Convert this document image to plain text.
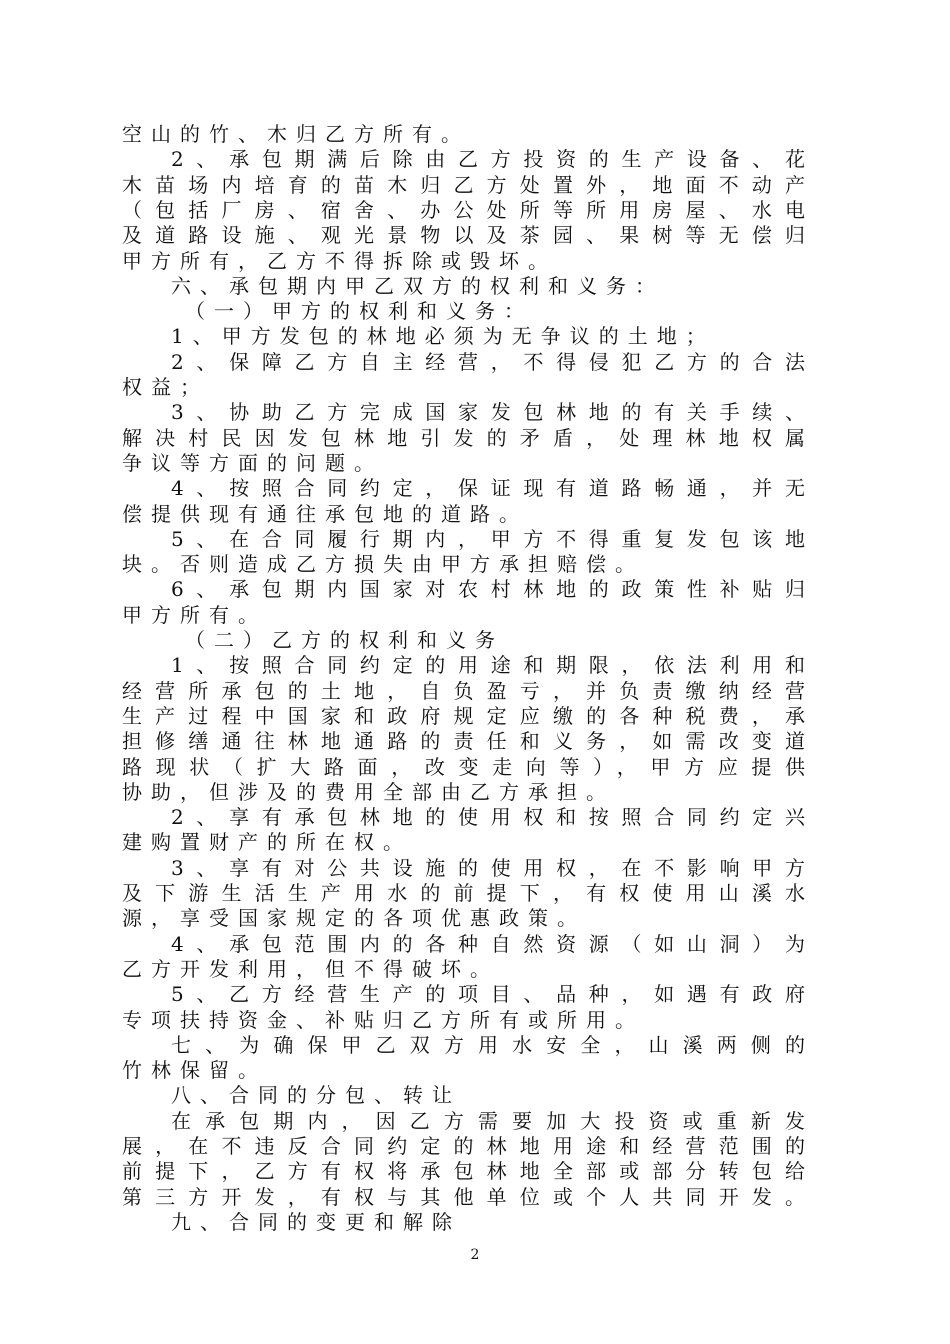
空山的竹、木归乙方所有。
2、承包期满后除由乙方投资的生产设备、花
木苗场内培育的苗木归乙方处置外，地面不动产
（包括厂房、宿舍、办公处所等所用房屋、水电
及道路设施、观光景物以及茶园、果树等无偿归
甲方所有，乙方不得拆除或毁坏。
六、承包期内甲乙双方的权利和义务：
（一）甲方的权利和义务：
1、甲方发包的林地必须为无争议的土地；
2、保障乙方自主经营，不得侵犯乙方的合法
权益；
3、协助乙方完成国家发包林地的有关手续、
解决村民因发包林地引发的矛盾，处理林地权属
争议等方面的问题。
4、按照合同约定，保证现有道路畅通，并无
偿提供现有通往承包地的道路。
5、在合同履行期内，甲方不得重复发包该地
块。否则造成乙方损失由甲方承担赔偿。
6、承包期内国家对农村林地的政策性补贴归
甲方所有。
（二）乙方的权利和义务
1、按照合同约定的用途和期限，依法利用和
经营所承包的土地，自负盈亏，并负责缴纳经营
生产过程中国家和政府规定应缴的各种税费，承
担修缮通往林地通路的责任和义务，如需改变道
路现状（扩大路面，改变走向等），甲方应提供
协助，但涉及的费用全部由乙方承担。
2、享有承包林地的使用权和按照合同约定兴
建购置财产的所在权。
3、享有对公共设施的使用权，在不影响甲方
及下游生活生产用水的前提下，有权使用山溪水
源，享受国家规定的各项优惠政策。
4、承包范围内的各种自然资源（如山洞）为
乙方开发利用，但不得破坏。
5、乙方经营生产的项目、品种，如遇有政府
专项扶持资金、补贴归乙方所有或所用。
七、为确保甲乙双方用水安全，山溪两侧的
竹林保留。
八、合同的分包、转让
在承包期内，因乙方需要加大投资或重新发
展，在不违反合同约定的林地用途和经营范围的
前提下，乙方有权将承包林地全部或部分转包给
第三方开发，有权与其他单位或个人共同开发。
2
九、合同的变更和解除
